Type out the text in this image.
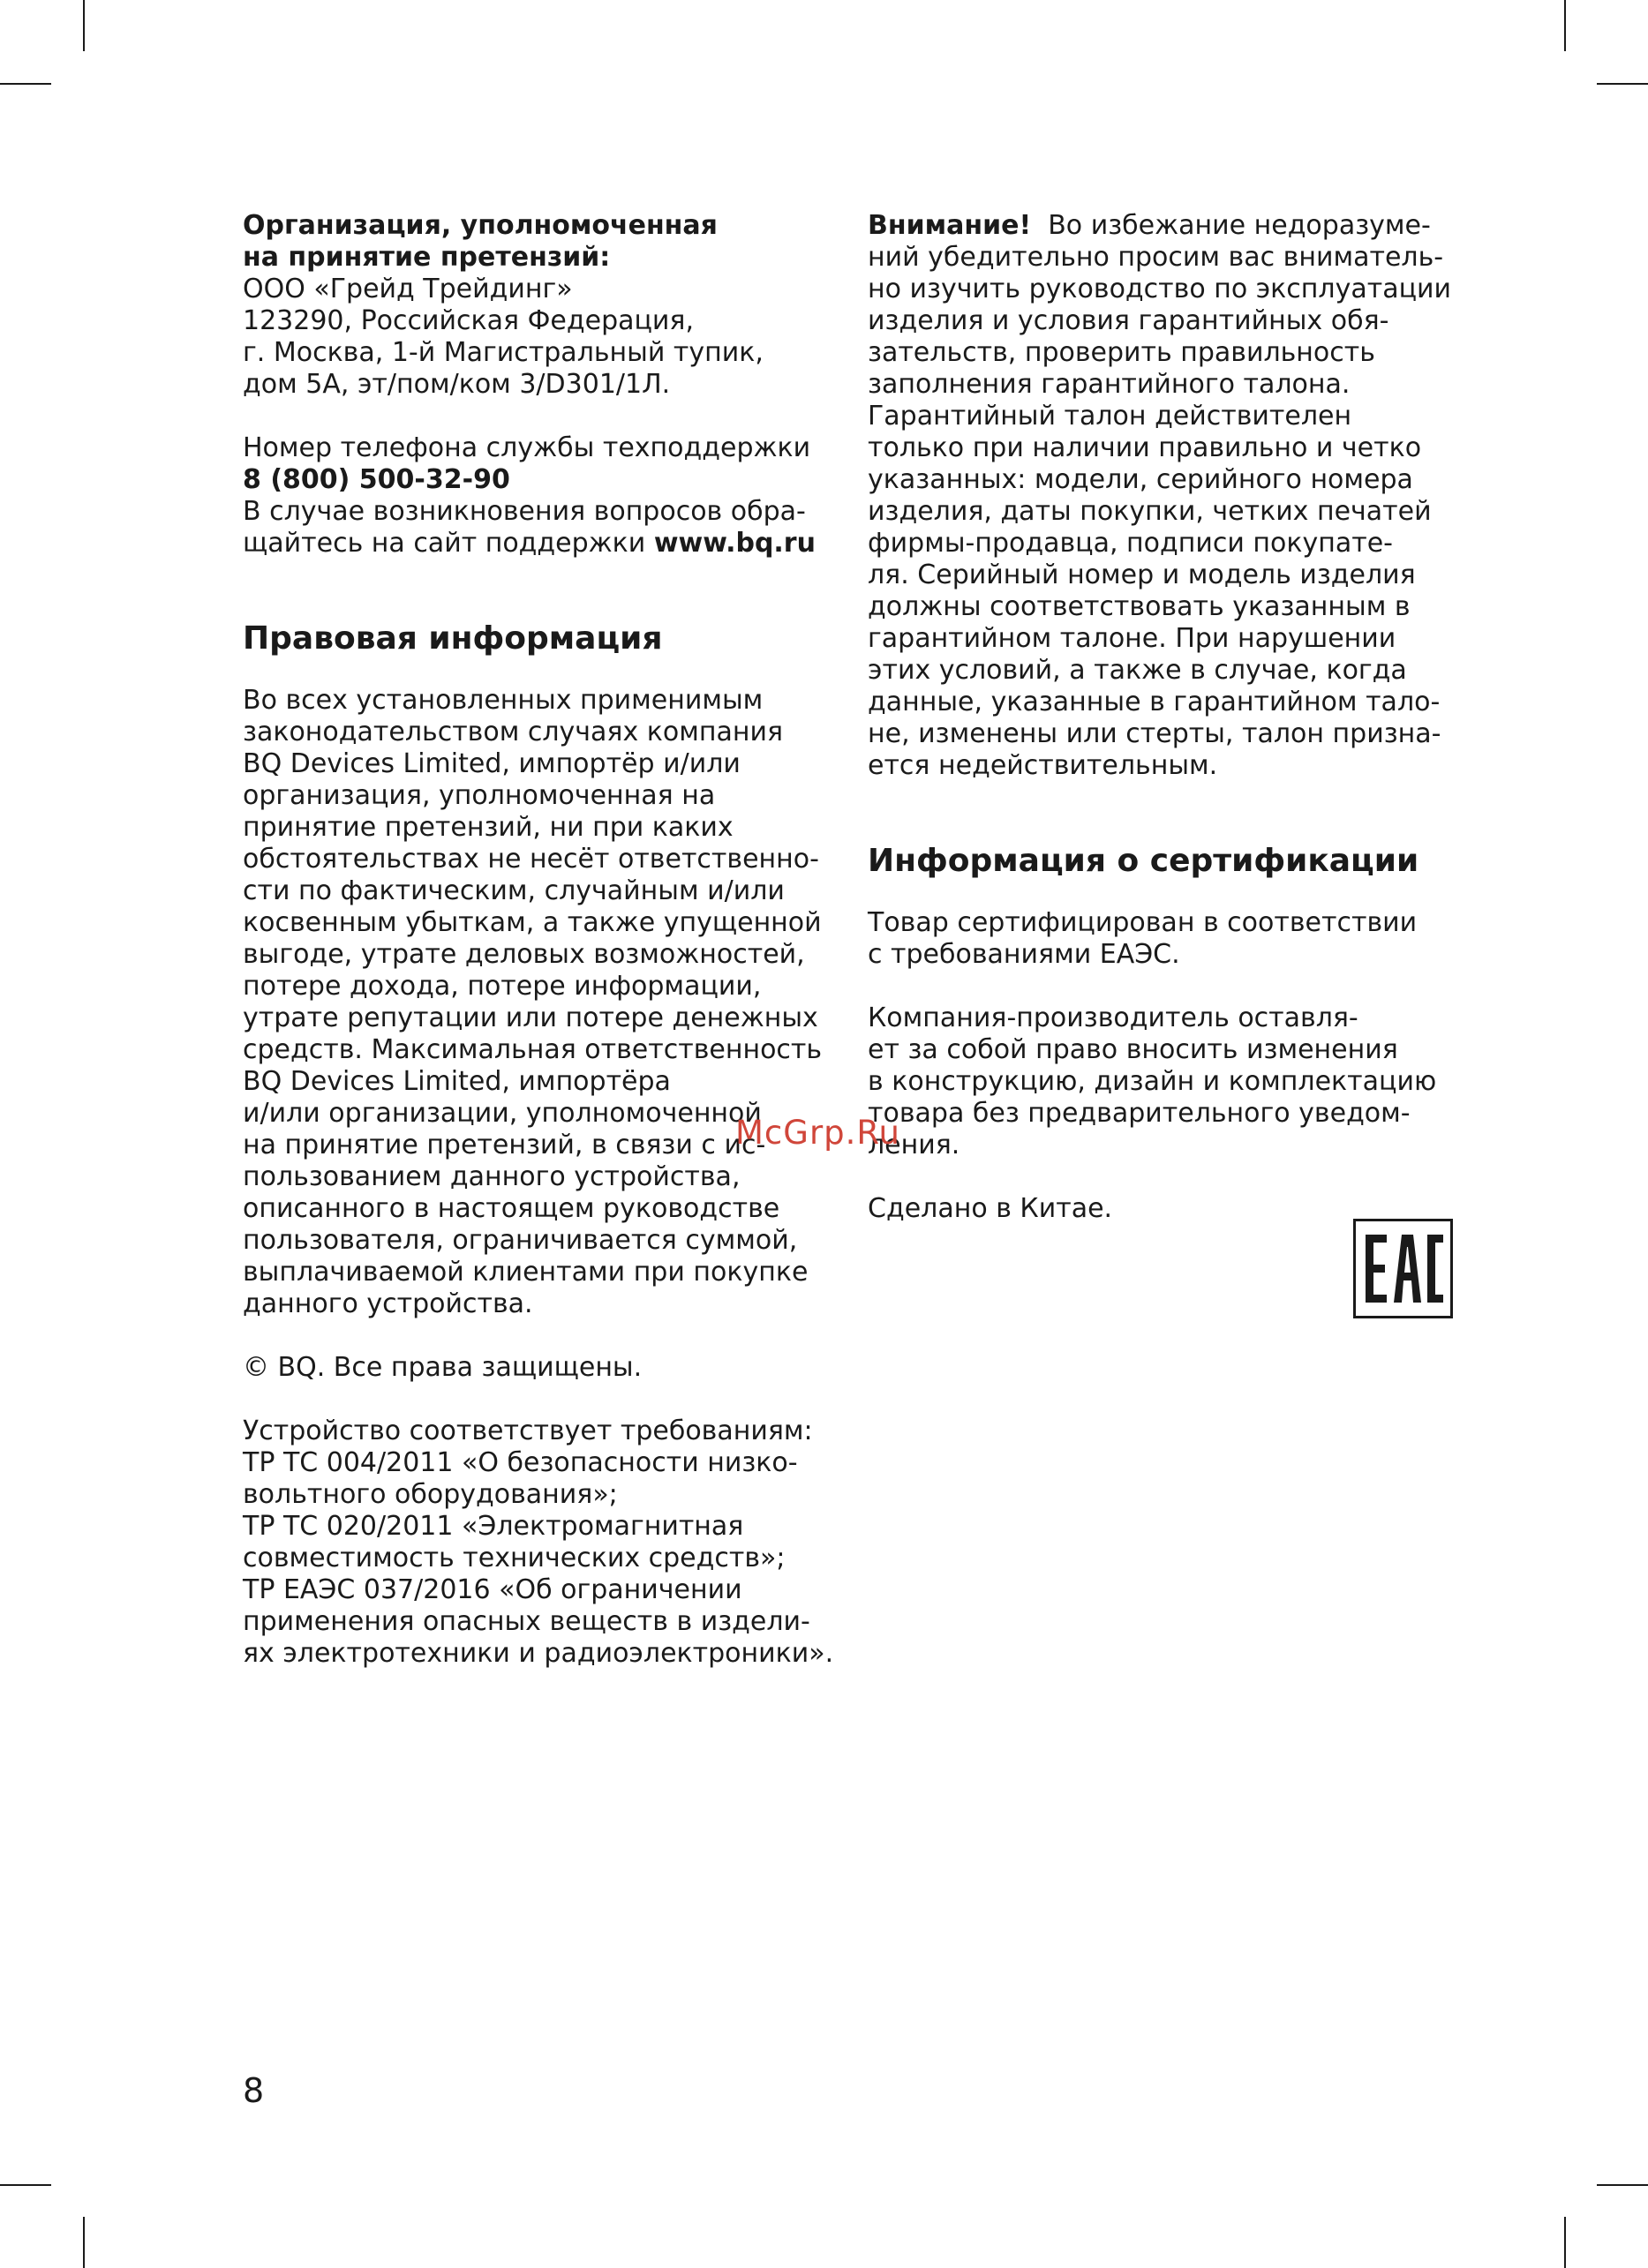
Организация, уполномоченная
на принятие претензий:
ООО «Грейд Трейдинг»
123290, Российская Федерация,
г. Москва, 1-й Магистральный тупик,
дом 5А, эт/пом/ком 3/D301/1Л.
Номер телефона службы техподдержки
8 (800) 500-32-90
В случае возникновения вопросов обра-
щайтесь на сайт поддержки www.bq.ru
Правовая информация
Во всех установленных применимым
законодательством случаях компания
BQ Devices Limited, импортёр и/или
организация, уполномоченная на
принятие претензий, ни при каких
обстоятельствах не несёт ответственно-
сти по фактическим, случайным и/или
косвенным убыткам, а также упущенной
выгоде, утрате деловых возможностей,
потере дохода, потере информации,
утрате репутации или потере денежных
средств. Максимальная ответственность
BQ Devices Limited, импортёра
и/или организации, уполномоченной
на принятие претензий, в связи с ис-
пользованием данного устройства,
описанного в настоящем руководстве
пользователя, ограничивается суммой,
выплачиваемой клиентами при покупке
данного устройства.
© BQ. Все права защищены.
Устройство соответствует требованиям:
ТР ТС 004/2011 «О безопасности низко-
вольтного оборудования»;
ТР ТС 020/2011 «Электромагнитная
совместимость технических средств»;
ТР ЕАЭС 037/2016 «Об ограничении
применения опасных веществ в издели-
ях электротехники и радиоэлектроники».
Внимание!  Во избежание недоразуме-
ний убедительно просим вас вниматель-
но изучить руководство по эксплуатации
изделия и условия гарантийных обя-
зательств, проверить правильность
заполнения гарантийного талона.
Гарантийный талон действителен
только при наличии правильно и четко
указанных: модели, серийного номера
изделия, даты покупки, четких печатей
фирмы-продавца, подписи покупате-
ля. Серийный номер и модель изделия
должны соответствовать указанным в
гарантийном талоне. При нарушении
этих условий, а также в случае, когда
данные, указанные в гарантийном тало-
не, изменены или стерты, талон призна-
ется недействительным.
Информация о сертификации
Товар сертифицирован в соответствии
с требованиями ЕАЭС.
Компания-производитель оставля-
ет за собой право вносить изменения
в конструкцию, дизайн и комплектацию
товара без предварительного уведом-
ления.
Сделано в Китае.
McGrp.Ru
8
